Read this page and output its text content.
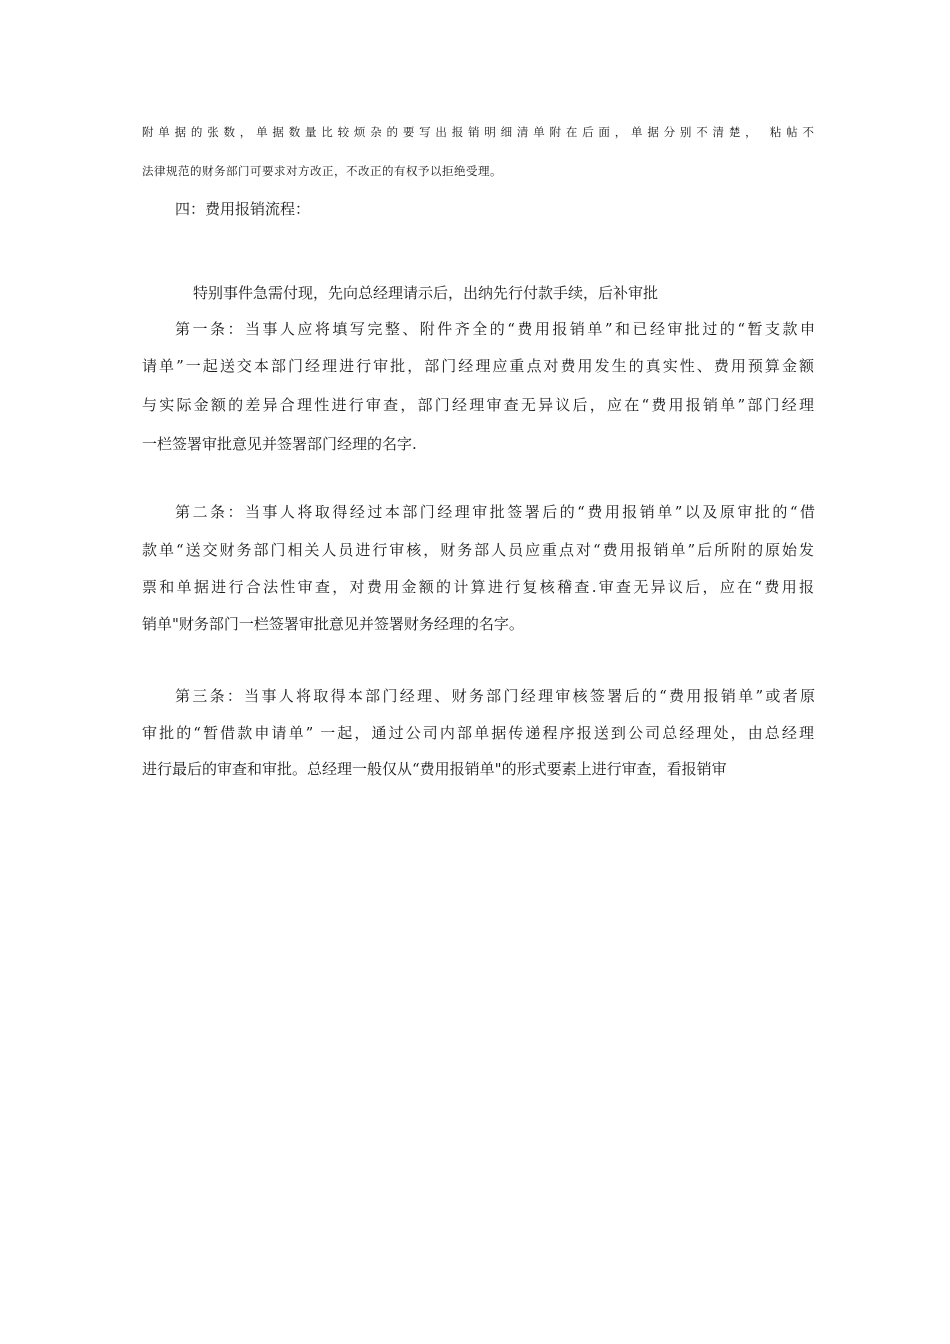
附单据的张数，单据数量比较烦杂的要写出报销明细清单附在后面，单据分别不清楚， 粘帖不
法律规范的财务部门可要求对方改正，不改正的有权予以拒绝受理。
四：费用报销流程：
特别事件急需付现，先向总经理请示后，出纳先行付款手续，后补审批
第一条：当事人应将填写完整、附件齐全的“费用报销单”和已经审批过的“暂支款申
请单”一起送交本部门经理进行审批，部门经理应重点对费用发生的真实性、费用预算金额
与实际金额的差异合理性进行审查，部门经理审查无异议后，应在“费用报销单”部门经理
一栏签署审批意见并签署部门经理的名字.
第二条：当事人将取得经过本部门经理审批签署后的“费用报销单”以及原审批的“借
款单“送交财务部门相关人员进行审核，财务部人员应重点对“费用报销单”后所附的原始发
票和单据进行合法性审查，对费用金额的计算进行复核稽查.审查无异议后，应在“费用报
销单"财务部门一栏签署审批意见并签署财务经理的名字。
第三条：当事人将取得本部门经理、财务部门经理审核签署后的“费用报销单”或者原
审批的“暂借款申请单” 一起，通过公司内部单据传递程序报送到公司总经理处，由总经理
进行最后的审查和审批。总经理一般仅从“费用报销单"的形式要素上进行审查，看报销审
